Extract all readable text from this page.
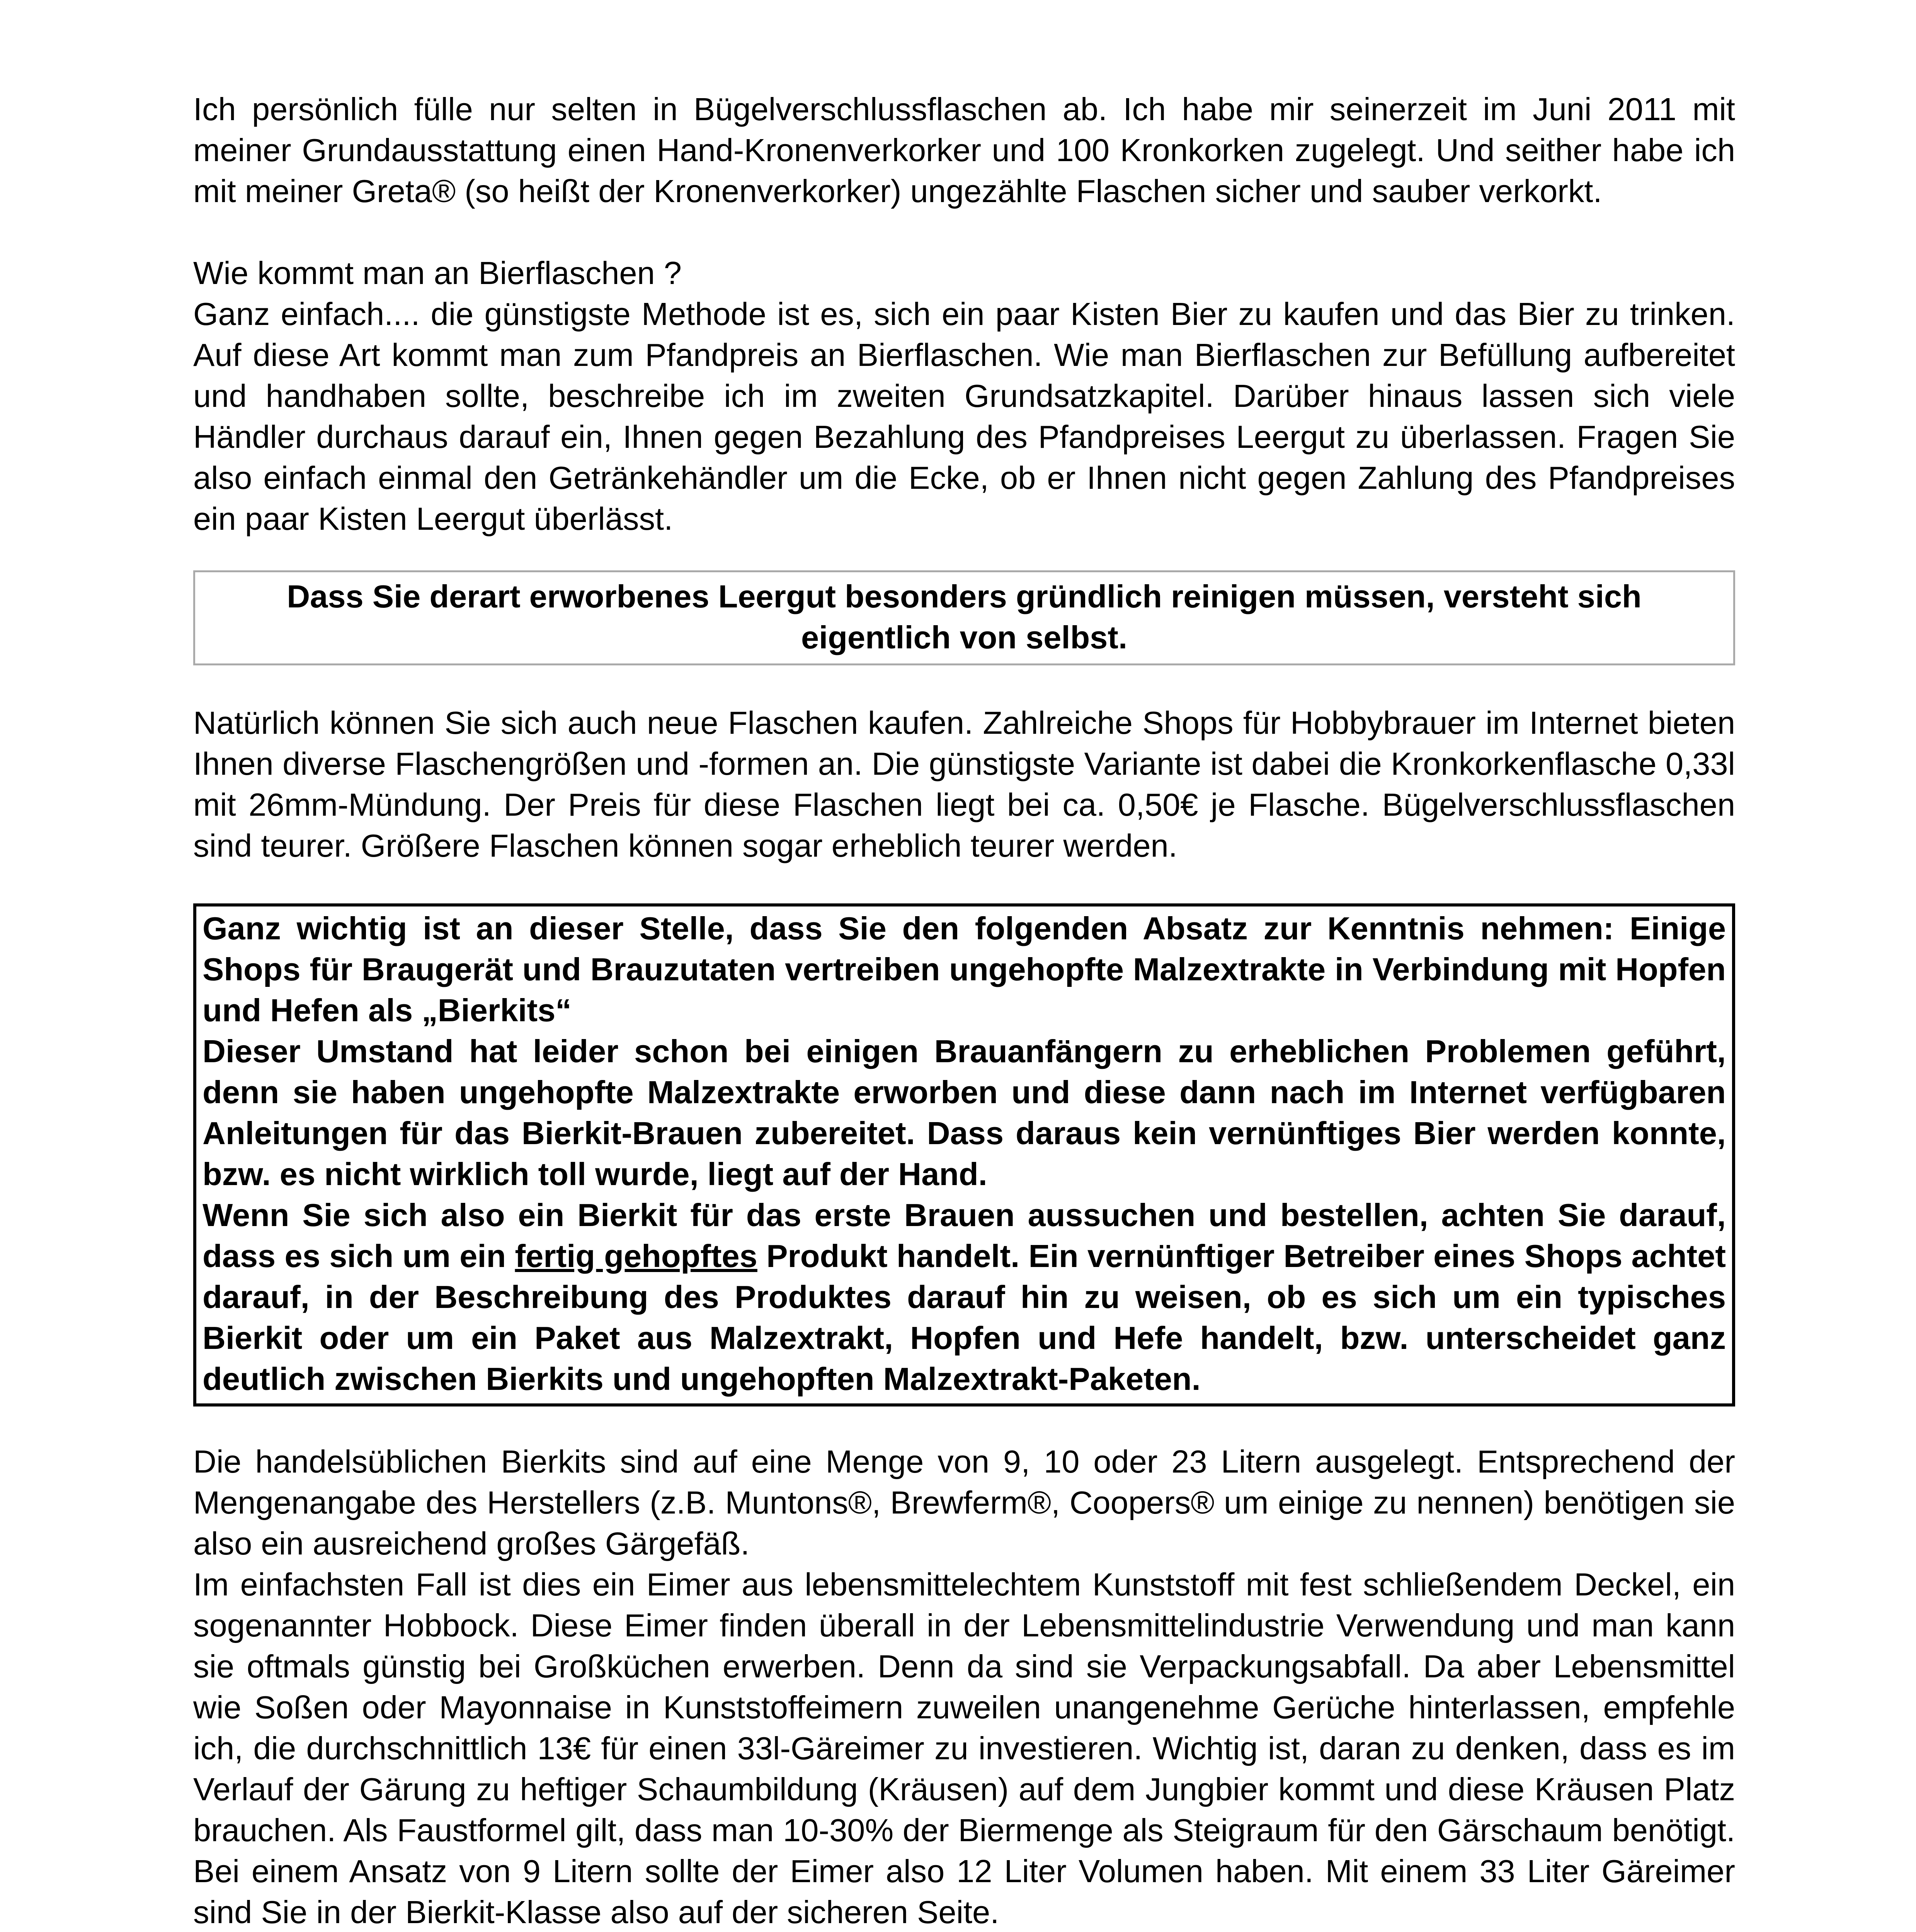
Ich persönlich fülle nur selten in Bügelverschlussflaschen ab. Ich habe mir seinerzeit im Juni 2011 mit meiner Grundausstattung einen Hand-Kronenverkorker und 100 Kronkorken zugelegt. Und seither habe ich mit meiner Greta® (so heißt der Kronenverkorker) ungezählte Flaschen sicher und sauber verkorkt.

Wie kommt man an Bierflaschen ?

Ganz einfach.... die günstigste Methode ist es, sich ein paar Kisten Bier zu kaufen und das Bier zu trinken. Auf diese Art kommt man zum Pfandpreis an Bierflaschen. Wie man Bierflaschen zur Befüllung aufbereitet und handhaben sollte, beschreibe ich im zweiten Grundsatzkapitel. Darüber hinaus lassen sich viele Händler durchaus darauf ein, Ihnen gegen Bezahlung des Pfandpreises Leergut zu überlassen. Fragen Sie also einfach einmal den Getränkehändler um die Ecke, ob er Ihnen nicht gegen Zahlung des Pfandpreises ein paar Kisten Leergut überlässt.

Dass Sie derart erworbenes Leergut besonders gründlich reinigen müssen, versteht sich eigentlich von selbst.

Natürlich können Sie sich auch neue Flaschen kaufen. Zahlreiche Shops für Hobbybrauer im Internet bieten Ihnen diverse Flaschengrößen und -formen an. Die günstigste Variante ist dabei die Kronkorkenflasche 0,33l mit 26mm-Mündung. Der Preis für diese Flaschen liegt bei ca. 0,50€ je Flasche. Bügelverschlussflaschen sind teurer. Größere Flaschen können sogar erheblich teurer werden.

Ganz wichtig ist an dieser Stelle, dass Sie den folgenden Absatz zur Kenntnis nehmen: Einige Shops für Braugerät und Brauzutaten vertreiben ungehopfte Malzextrakte in Verbindung mit Hopfen und Hefen als „Bierkits“

Dieser Umstand hat leider schon bei einigen Brauanfängern zu erheblichen Problemen geführt, denn sie haben ungehopfte Malzextrakte erworben und diese dann nach im Internet verfügbaren Anleitungen für das Bierkit-Brauen zubereitet. Dass daraus kein vernünftiges Bier werden konnte, bzw. es nicht wirklich toll wurde, liegt auf der Hand.

Wenn Sie sich also ein Bierkit für das erste Brauen aussuchen und bestellen, achten Sie darauf, dass es sich um ein fertig gehopftes Produkt handelt. Ein vernünftiger Betreiber eines Shops achtet darauf, in der Beschreibung des Produktes darauf hin zu weisen, ob es sich um ein typisches Bierkit oder um ein Paket aus Malzextrakt, Hopfen und Hefe handelt, bzw. unterscheidet ganz deutlich zwischen Bierkits und ungehopften Malzextrakt-Paketen.

Die handelsüblichen Bierkits sind auf eine Menge von 9, 10 oder 23 Litern ausgelegt. Entsprechend der Mengenangabe des Herstellers (z.B. Muntons®, Brewferm®, Coopers® um einige zu nennen) benötigen sie also ein ausreichend großes Gärgefäß.

Im einfachsten Fall ist dies ein Eimer aus lebensmittelechtem Kunststoff mit fest schließendem Deckel, ein sogenannter Hobbock. Diese Eimer finden überall in der Lebensmittelindustrie Verwendung und man kann sie oftmals günstig bei Großküchen erwerben. Denn da sind sie Verpackungsabfall. Da aber Lebensmittel wie Soßen oder Mayonnaise in Kunststoffeimern zuweilen unangenehme Gerüche hinterlassen, empfehle ich, die durchschnittlich 13€ für einen 33l-Gäreimer zu investieren. Wichtig ist, daran zu denken, dass es im Verlauf der Gärung zu heftiger Schaumbildung (Kräusen) auf dem Jungbier kommt und diese Kräusen Platz brauchen. Als Faustformel gilt, dass man 10-30% der Biermenge als Steigraum für den Gärschaum benötigt. Bei einem Ansatz von 9 Litern sollte der Eimer also 12 Liter Volumen haben. Mit einem 33 Liter Gäreimer sind Sie in der Bierkit-Klasse also auf der sicheren Seite.
